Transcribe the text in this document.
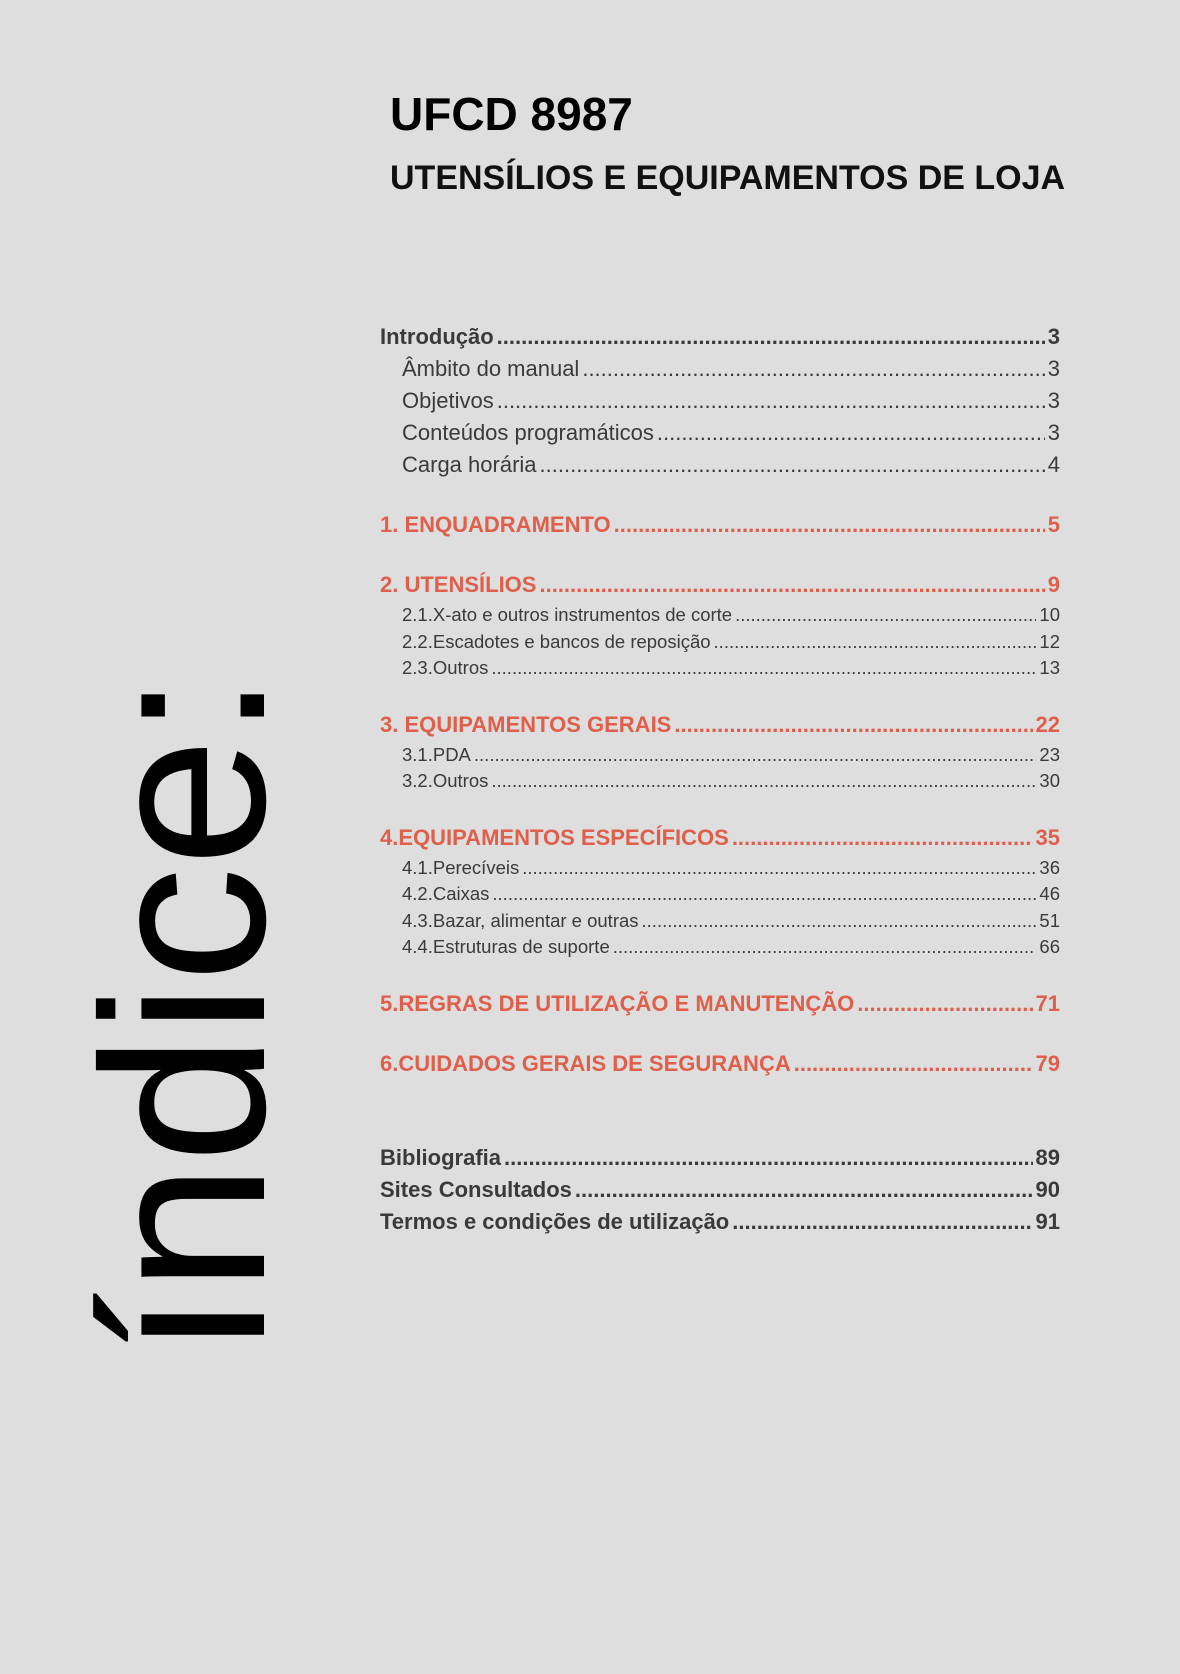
UFCD 8987
UTENSÍLIOS E EQUIPAMENTOS DE LOJA
índice:
Introdução .....	3
Âmbito do manual .....	3
Objetivos .....	3
Conteúdos programáticos .....	3
Carga horária .....	4
1. ENQUADRAMENTO .....	5
2. UTENSÍLIOS .....	9
2.1.X-ato e outros instrumentos de corte .....	10
2.2.Escadotes e bancos de reposição .....	12
2.3.Outros .....	13
3. EQUIPAMENTOS GERAIS .....	22
3.1.PDA .....	23
3.2.Outros .....	30
4.EQUIPAMENTOS ESPECÍFICOS .....	35
4.1.Perecíveis .....	36
4.2.Caixas .....	46
4.3.Bazar, alimentar e outras .....	51
4.4.Estruturas de suporte .....	66
5.REGRAS DE UTILIZAÇÃO E MANUTENÇÃO .....	71
6.CUIDADOS GERAIS DE SEGURANÇA .....	79
Bibliografia .....	89
Sites Consultados .....	90
Termos e condições de utilização .....	91
